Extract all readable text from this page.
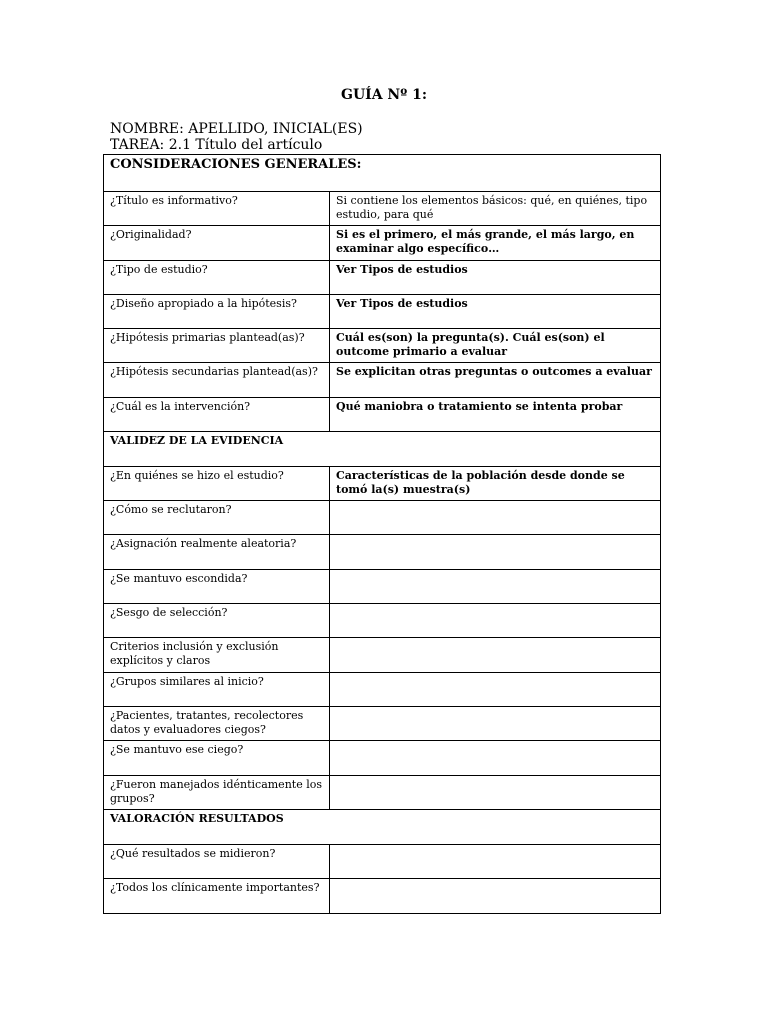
GUÍA Nº 1:
NOMBRE: APELLIDO, INICIAL(ES)
TAREA: 2.1 Título del artículo
CONSIDERACIONES GENERALES:	
¿Título es informativo?	Si contiene los elementos básicos: qué, en quiénes, tipo estudio, para qué
¿Originalidad?	Si es el primero, el más grande, el más largo, en examinar algo específico…
¿Tipo de estudio?	Ver Tipos de estudios
¿Diseño apropiado a la hipótesis?	Ver Tipos de estudios
¿Hipótesis primarias plantead(as)?	Cuál es(son) la pregunta(s). Cuál es(son) el outcome primario a evaluar
¿Hipótesis secundarias plantead(as)?	Se explicitan otras preguntas o outcomes a evaluar
¿Cuál es la intervención?	Qué maniobra o tratamiento se intenta probar
VALIDEZ DE LA EVIDENCIA	
¿En quiénes se hizo el estudio?	Características de la población desde donde se tomó la(s) muestra(s)
¿Cómo se reclutaron?	
¿Asignación realmente aleatoria?	
¿Se mantuvo escondida?	
¿Sesgo de selección?	
Criterios inclusión y exclusión explícitos y claros	
¿Grupos similares al inicio?	
¿Pacientes, tratantes, recolectores datos y evaluadores ciegos?	
¿Se mantuvo ese ciego?	
¿Fueron manejados idénticamente los grupos?	
VALORACIÓN RESULTADOS	
¿Qué resultados se midieron?	
¿Todos los clínicamente importantes?	
